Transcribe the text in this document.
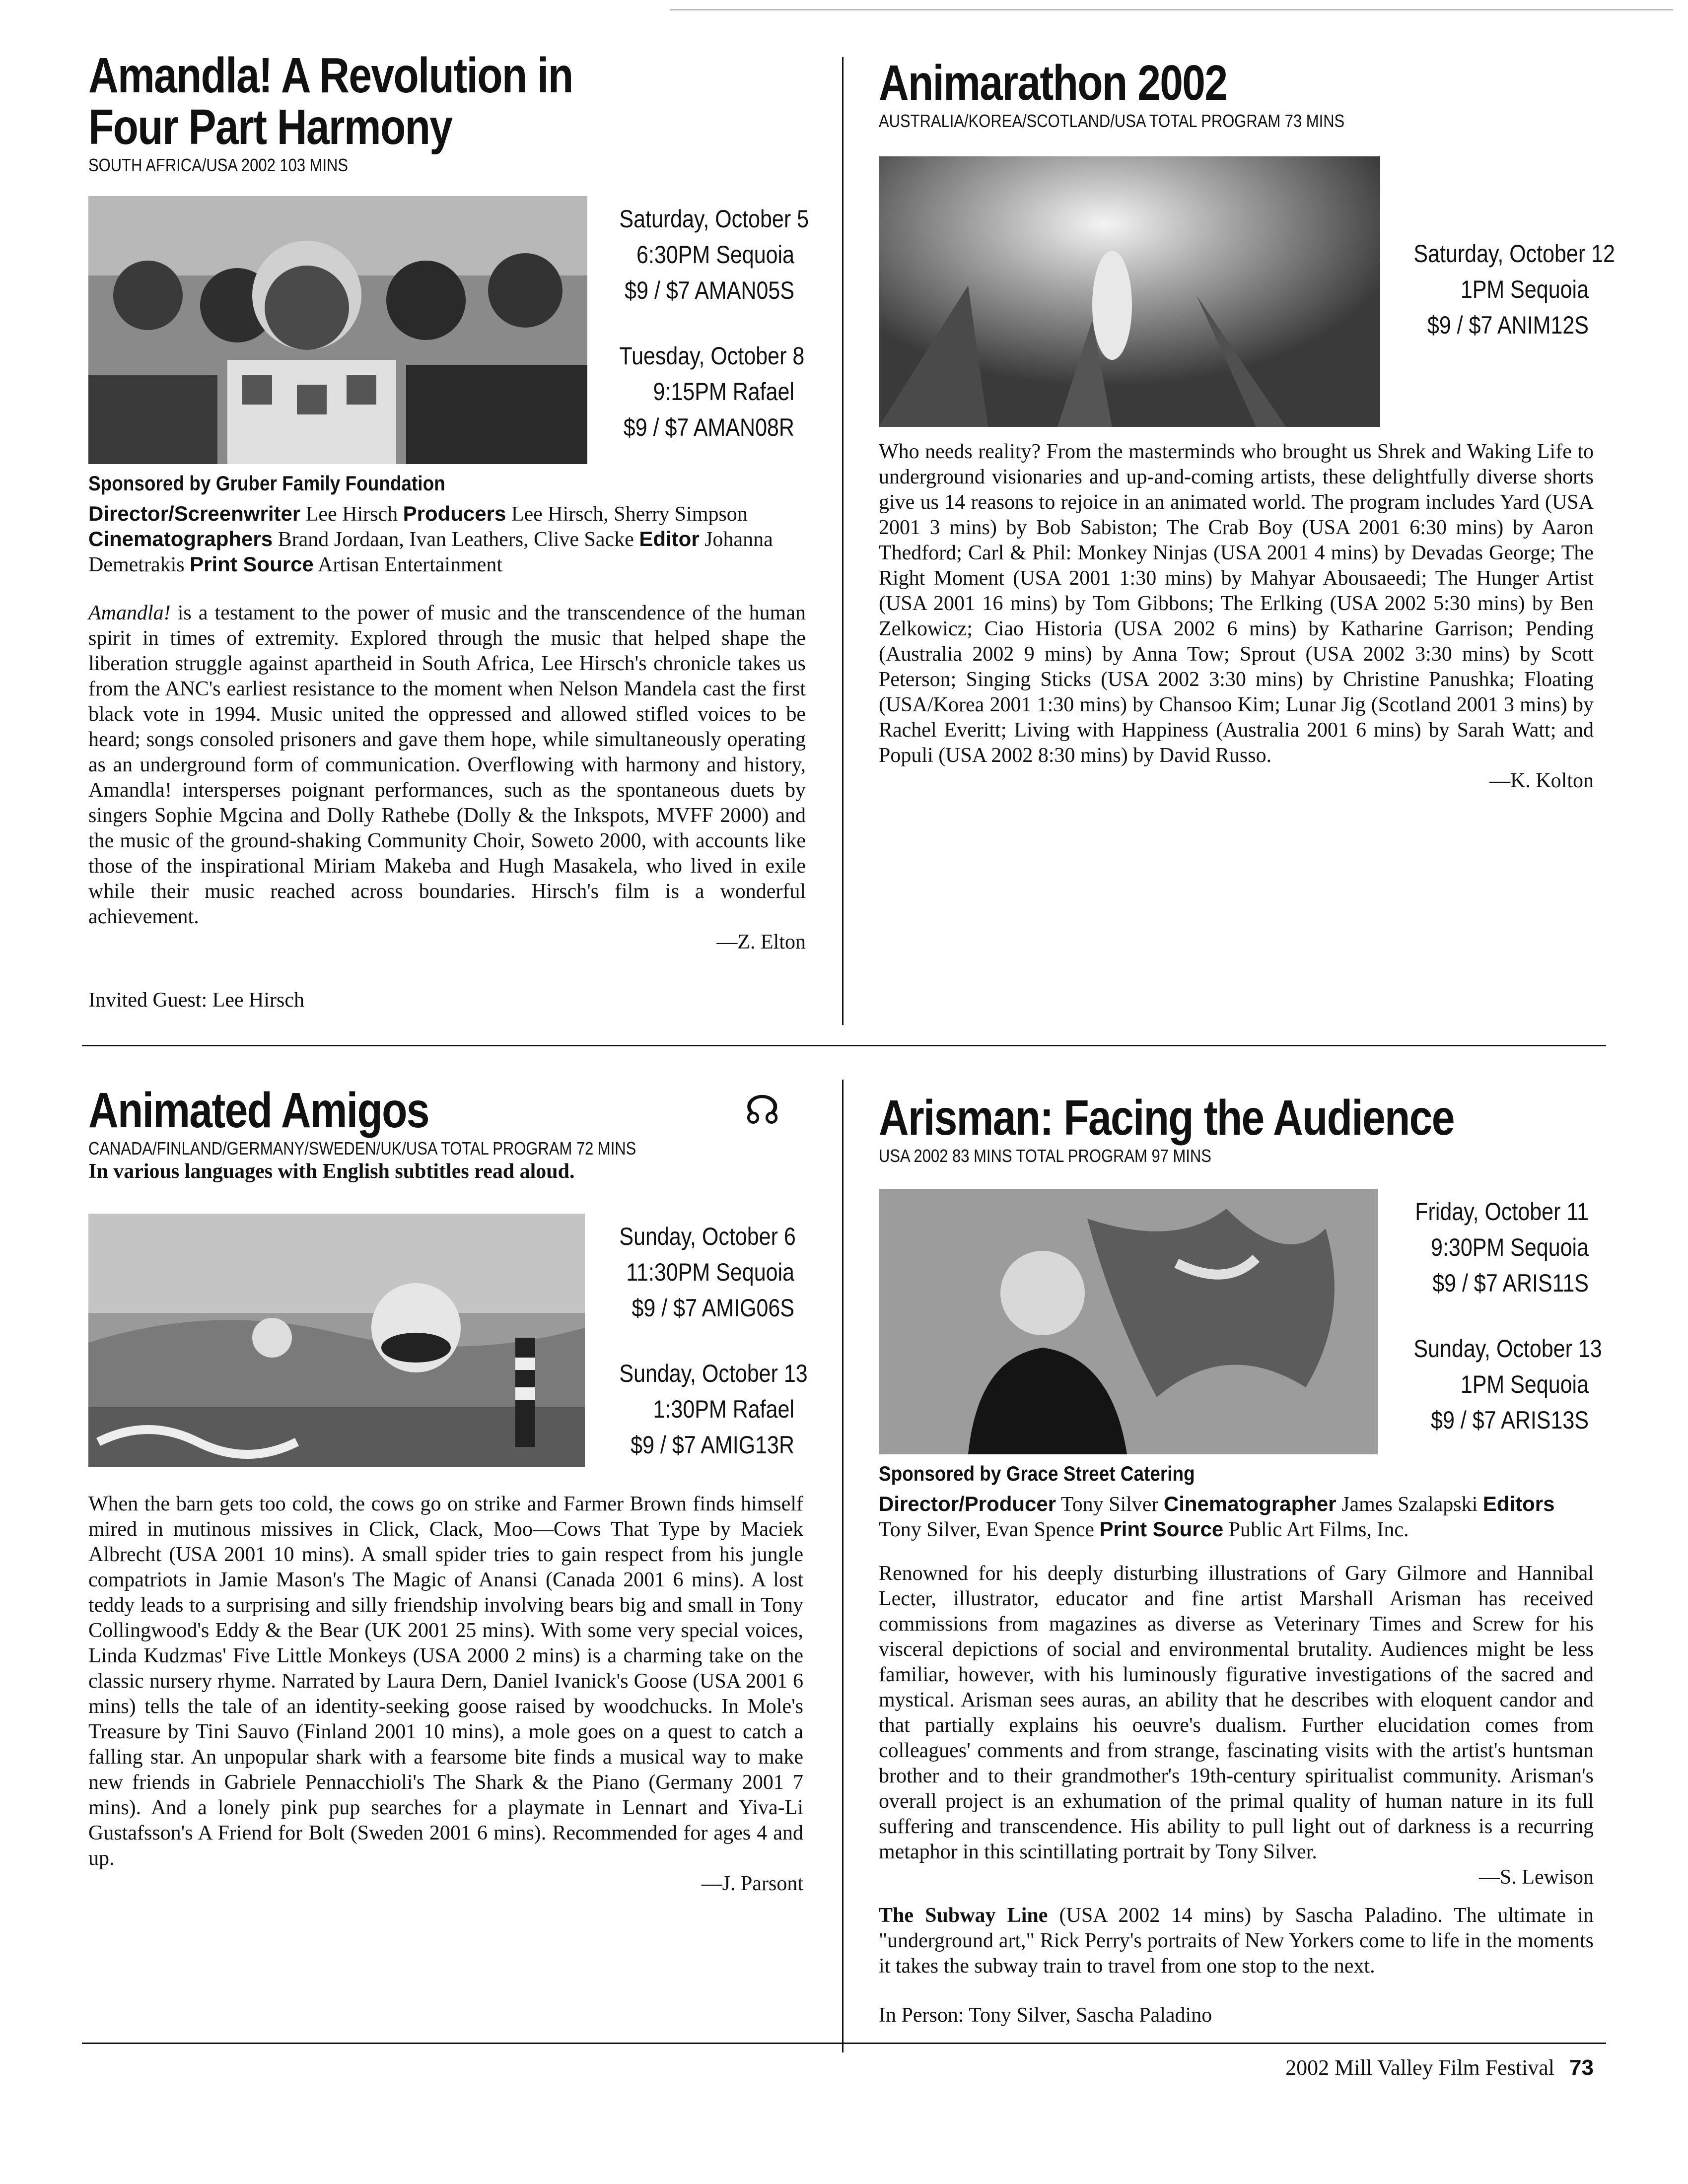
Amandla! A Revolution in
Four Part Harmony
SOUTH AFRICA/USA 2002 103 MINS
Saturday, October 5
6:30PM Sequoia
$9 / $7 AMAN05S
Tuesday, October 8
9:15PM Rafael
$9 / $7 AMAN08R
Sponsored by Gruber Family Foundation
Director/Screenwriter Lee Hirsch Producers Lee Hirsch, Sherry Simpson Cinematographers Brand Jordaan, Ivan Leathers, Clive Sacke Editor Johanna Demetrakis Print Source Artisan Entertainment

Amandla! is a testament to the power of music and the transcendence of the human spirit in times of extremity. Explored through the music that helped shape the liberation struggle against apartheid in South Africa, Lee Hirsch's chronicle takes us from the ANC's earliest resistance to the moment when Nelson Mandela cast the first black vote in 1994. Music united the oppressed and allowed stifled voices to be heard; songs consoled prisoners and gave them hope, while simultaneously operating as an underground form of communication. Overflowing with harmony and history, Amandla! intersperses poignant performances, such as the spontaneous duets by singers Sophie Mgcina and Dolly Rathebe (Dolly & the Inkspots, MVFF 2000) and the music of the ground-shaking Community Choir, Soweto 2000, with accounts like those of the inspirational Miriam Makeba and Hugh Masakela, who lived in exile while their music reached across boundaries. Hirsch's film is a wonderful achievement.

—Z. Elton
Invited Guest: Lee Hirsch
Animarathon 2002
AUSTRALIA/KOREA/SCOTLAND/USA TOTAL PROGRAM 73 MINS
Saturday, October 12
1PM Sequoia
$9 / $7 ANIM12S

Who needs reality? From the masterminds who brought us Shrek and Waking Life to underground visionaries and up-and-coming artists, these delightfully diverse shorts give us 14 reasons to rejoice in an animated world. The program includes Yard (USA 2001 3 mins) by Bob Sabiston; The Crab Boy (USA 2001 6:30 mins) by Aaron Thedford; Carl & Phil: Monkey Ninjas (USA 2001 4 mins) by Devadas George; The Right Moment (USA 2001 1:30 mins) by Mahyar Abousaeedi; The Hunger Artist (USA 2001 16 mins) by Tom Gibbons; The Erlking (USA 2002 5:30 mins) by Ben Zelkowicz; Ciao Historia (USA 2002 6 mins) by Katharine Garrison; Pending (Australia 2002 9 mins) by Anna Tow; Sprout (USA 2002 3:30 mins) by Scott Peterson; Singing Sticks (USA 2002 3:30 mins) by Christine Panushka; Floating (USA/Korea 2001 1:30 mins) by Chansoo Kim; Lunar Jig (Scotland 2001 3 mins) by Rachel Everitt; Living with Happiness (Australia 2001 6 mins) by Sarah Watt; and Populi (USA 2002 8:30 mins) by David Russo.

—K. Kolton
Animated Amigos
CANADA/FINLAND/GERMANY/SWEDEN/UK/USA TOTAL PROGRAM 72 MINS
In various languages with English subtitles read aloud.
☊
Sunday, October 6
11:30PM Sequoia
$9 / $7 AMIG06S
Sunday, October 13
1:30PM Rafael
$9 / $7 AMIG13R

When the barn gets too cold, the cows go on strike and Farmer Brown finds himself mired in mutinous missives in Click, Clack, Moo—Cows That Type by Maciek Albrecht (USA 2001 10 mins). A small spider tries to gain respect from his jungle compatriots in Jamie Mason's The Magic of Anansi (Canada 2001 6 mins). A lost teddy leads to a surprising and silly friendship involving bears big and small in Tony Collingwood's Eddy & the Bear (UK 2001 25 mins). With some very special voices, Linda Kudzmas' Five Little Monkeys (USA 2000 2 mins) is a charming take on the classic nursery rhyme. Narrated by Laura Dern, Daniel Ivanick's Goose (USA 2001 6 mins) tells the tale of an identity-seeking goose raised by woodchucks. In Mole's Treasure by Tini Sauvo (Finland 2001 10 mins), a mole goes on a quest to catch a falling star. An unpopular shark with a fearsome bite finds a musical way to make new friends in Gabriele Pennacchioli's The Shark & the Piano (Germany 2001 7 mins). And a lonely pink pup searches for a playmate in Lennart and Yiva-Li Gustafsson's A Friend for Bolt (Sweden 2001 6 mins). Recommended for ages 4 and up.

—J. Parsont
Arisman: Facing the Audience
USA 2002 83 MINS TOTAL PROGRAM 97 MINS
Friday, October 11
9:30PM Sequoia
$9 / $7 ARIS11S
Sunday, October 13
1PM Sequoia
$9 / $7 ARIS13S
Sponsored by Grace Street Catering
Director/Producer Tony Silver Cinematographer James Szalapski Editors Tony Silver, Evan Spence Print Source Public Art Films, Inc.

Renowned for his deeply disturbing illustrations of Gary Gilmore and Hannibal Lecter, illustrator, educator and fine artist Marshall Arisman has received commissions from magazines as diverse as Veterinary Times and Screw for his visceral depictions of social and environmental brutality. Audiences might be less familiar, however, with his luminously figurative investigations of the sacred and mystical. Arisman sees auras, an ability that he describes with eloquent candor and that partially explains his oeuvre's dualism. Further elucidation comes from colleagues' comments and from strange, fascinating visits with the artist's huntsman brother and to their grandmother's 19th-century spiritualist community. Arisman's overall project is an exhumation of the primal quality of human nature in its full suffering and transcendence. His ability to pull light out of darkness is a recurring metaphor in this scintillating portrait by Tony Silver.

—S. Lewison

The Subway Line (USA 2002 14 mins) by Sascha Paladino. The ultimate in "underground art," Rick Perry's portraits of New Yorkers come to life in the moments it takes the subway train to travel from one stop to the next.

In Person: Tony Silver, Sascha Paladino
2002 Mill Valley Film Festival 73
